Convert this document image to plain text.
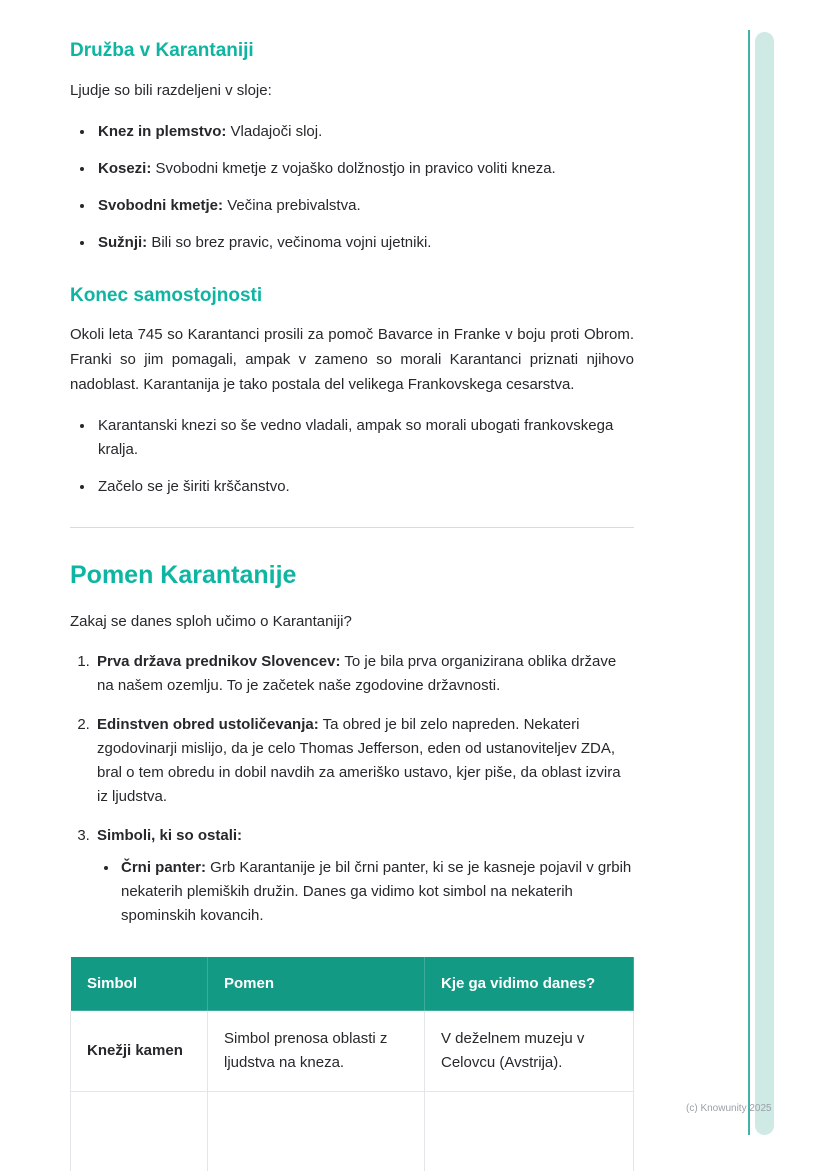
Družba v Karantaniji

Ljudje so bili razdeljeni v sloje:

• Knez in plemstvo: Vladajoči sloj.
• Kosezi: Svobodni kmetje z vojaško dolžnostjo in pravico voliti kneza.
• Svobodni kmetje: Večina prebivalstva.
• Sužnji: Bili so brez pravic, večinoma vojni ujetniki.
Konec samostojnosti

Okoli leta 745 so Karantanci prosili za pomoč Bavarce in Franke v boju proti Obrom. Franki so jim pomagali, ampak v zameno so morali Karantanci priznati njihovo nadoblast. Karantanija je tako postala del velikega Frankovskega cesarstva.

• Karantanski knezi so še vedno vladali, ampak so morali ubogati frankovskega kralja.
• Začelo se je širiti krščanstvo.
Pomen Karantanije

Zakaj se danes sploh učimo o Karantaniji?

1. Prva država prednikov Slovencev: To je bila prva organizirana oblika države na našem ozemlju. To je začetek naše zgodovine državnosti.
2. Edinstven obred ustoličevanja: Ta obred je bil zelo napreden. Nekateri zgodovinarji mislijo, da je celo Thomas Jefferson, eden od ustanoviteljev ZDA, bral o tem obredu in dobil navdih za ameriško ustavo, kjer piše, da oblast izvira iz ljudstva.
3. Simboli, ki so ostali:
• Črni panter: Grb Karantanije je bil črni panter, ki se je kasneje pojavil v grbih nekaterih plemiških družin. Danes ga vidimo kot simbol na nekaterih spominskih kovancih.
Simbol	Pomen	Kje ga vidimo danes?
Knežji kamen	Simbol prenosa oblasti z ljudstva na kneza.	V deželnem muzeju v Celovcu (Avstrija).

(c) Knowunity 2025
